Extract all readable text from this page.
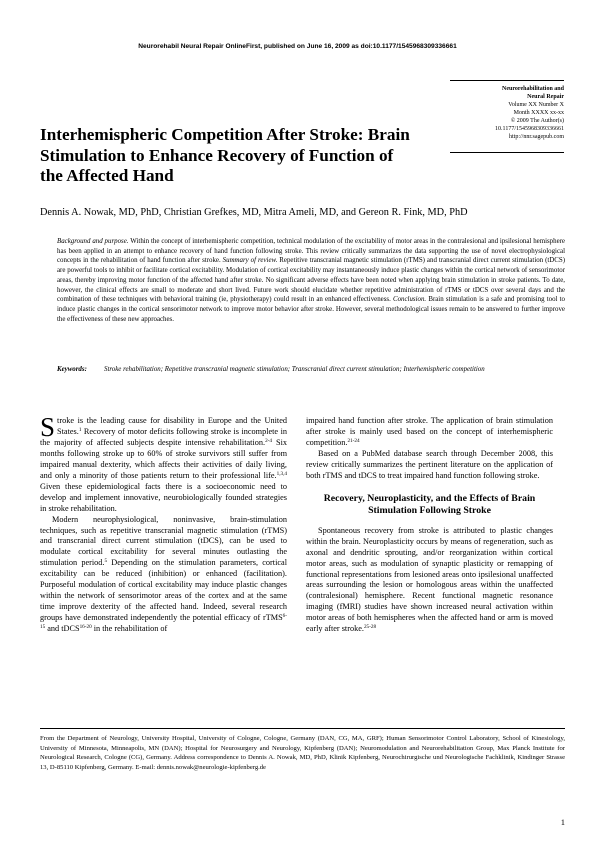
Neurorehabil Neural Repair OnlineFirst, published on June 16, 2009 as doi:10.1177/1545968309336661
Neurorehabilitation and
Neural Repair
Volume XX Number X
Month XXXX xx-xx
© 2009 The Author(s)
10.1177/1545968309336661
http://nnr.sagepub.com
Interhemispheric Competition After Stroke: Brain Stimulation to Enhance Recovery of Function of the Affected Hand
Dennis A. Nowak, MD, PhD, Christian Grefkes, MD, Mitra Ameli, MD, and Gereon R. Fink, MD, PhD
Background and purpose. Within the concept of interhemispheric competition, technical modulation of the excitability of motor areas in the contralesional and ipsilesional hemisphere has been applied in an attempt to enhance recovery of hand function following stroke. This review critically summarizes the data supporting the use of novel electrophysiological concepts in the rehabilitation of hand function after stroke. Summary of review. Repetitive transcranial magnetic stimulation (rTMS) and transcranial direct current stimulation (tDCS) are powerful tools to inhibit or facilitate cortical excitability. Modulation of cortical excitability may instantaneously induce plastic changes within the cortical network of sensorimotor areas, thereby improving motor function of the affected hand after stroke. No significant adverse effects have been noted when applying brain stimulation in stroke patients. To date, however, the clinical effects are small to moderate and short lived. Future work should elucidate whether repetitive administration of rTMS or tDCS over several days and the combination of these techniques with behavioral training (ie, physiotherapy) could result in an enhanced effectiveness. Conclusion. Brain stimulation is a safe and promising tool to induce plastic changes in the cortical sensorimotor network to improve motor behavior after stroke. However, several methodological issues remain to be answered to further improve the effectiveness of these new approaches.
Keywords: Stroke rehabilitation; Repetitive transcranial magnetic stimulation; Transcranial direct current stimulation; Interhemispheric competition

Stroke is the leading cause for disability in Europe and the United States.$^1$ Recovery of motor deficits following stroke is incomplete in the majority of affected subjects despite intensive rehabilitation.$^{2-4}$ Six months following stroke up to 60% of stroke survivors still suffer from impaired manual dexterity, which affects their activities of daily living, and only a minority of those patients return to their professional life.$^{1,3,4}$ Given these epidemiological facts there is a socioeconomic need to develop and implement innovative, neurobiologically founded strategies in stroke rehabilitation.

Modern neurophysiological, noninvasive, brain-stimulation techniques, such as repetitive transcranial magnetic stimulation (rTMS) and transcranial direct current stimulation (tDCS), can be used to modulate cortical excitability for several minutes outlasting the stimulation period.$^5$ Depending on the stimulation parameters, cortical excitability can be reduced (inhibition) or enhanced (facilitation). Purposeful modulation of cortical excitability may induce plastic changes within the network of sensorimotor areas of the cortex and at the same time improve dexterity of the affected hand. Indeed, several research groups have demonstrated independently the potential efficacy of rTMS$^{6-15}$ and tDCS$^{16-20}$ in the rehabilitation of

impaired hand function after stroke. The application of brain stimulation after stroke is mainly used based on the concept of interhemispheric competition.$^{21-24}$

Based on a PubMed database search through December 2008, this review critically summarizes the pertinent literature on the application of both rTMS and tDCS to treat impaired hand function following stroke.

Recovery, Neuroplasticity, and the Effects of Brain Stimulation Following Stroke

Spontaneous recovery from stroke is attributed to plastic changes within the brain. Neuroplasticity occurs by means of regeneration, such as axonal and dendritic sprouting, and/or reorganization within cortical motor areas, such as modulation of synaptic plasticity or remapping of functional representations from lesioned areas onto ipsilesional unaffected areas surrounding the lesion or homologous areas within the unaffected (contralesional) hemisphere. Recent functional magnetic resonance imaging (fMRI) studies have shown increased neural activation within motor areas of both hemispheres when the affected hand or arm is moved early after stroke.$^{25-28}$

From the Department of Neurology, University Hospital, University of Cologne, Cologne, Germany (DAN, CG, MA, GRF); Human Sensorimotor Control Laboratory, School of Kinesiology, University of Minnesota, Minneapolis, MN (DAN); Hospital for Neurosurgery and Neurology, Kipfenberg (DAN); Neuromodulation and Neurorehabilitation Group, Max Planck Institute for Neurological Research, Cologne (CG), Germany. Address correspondence to Dennis A. Nowak, MD, PhD, Klinik Kipfenberg, Neurochirurgische und Neurologische Fachklinik, Kindinger Strasse 13, D-85110 Kipfenberg, Germany. E-mail: dennis.nowak@neurologie-kipfenberg.de
1
